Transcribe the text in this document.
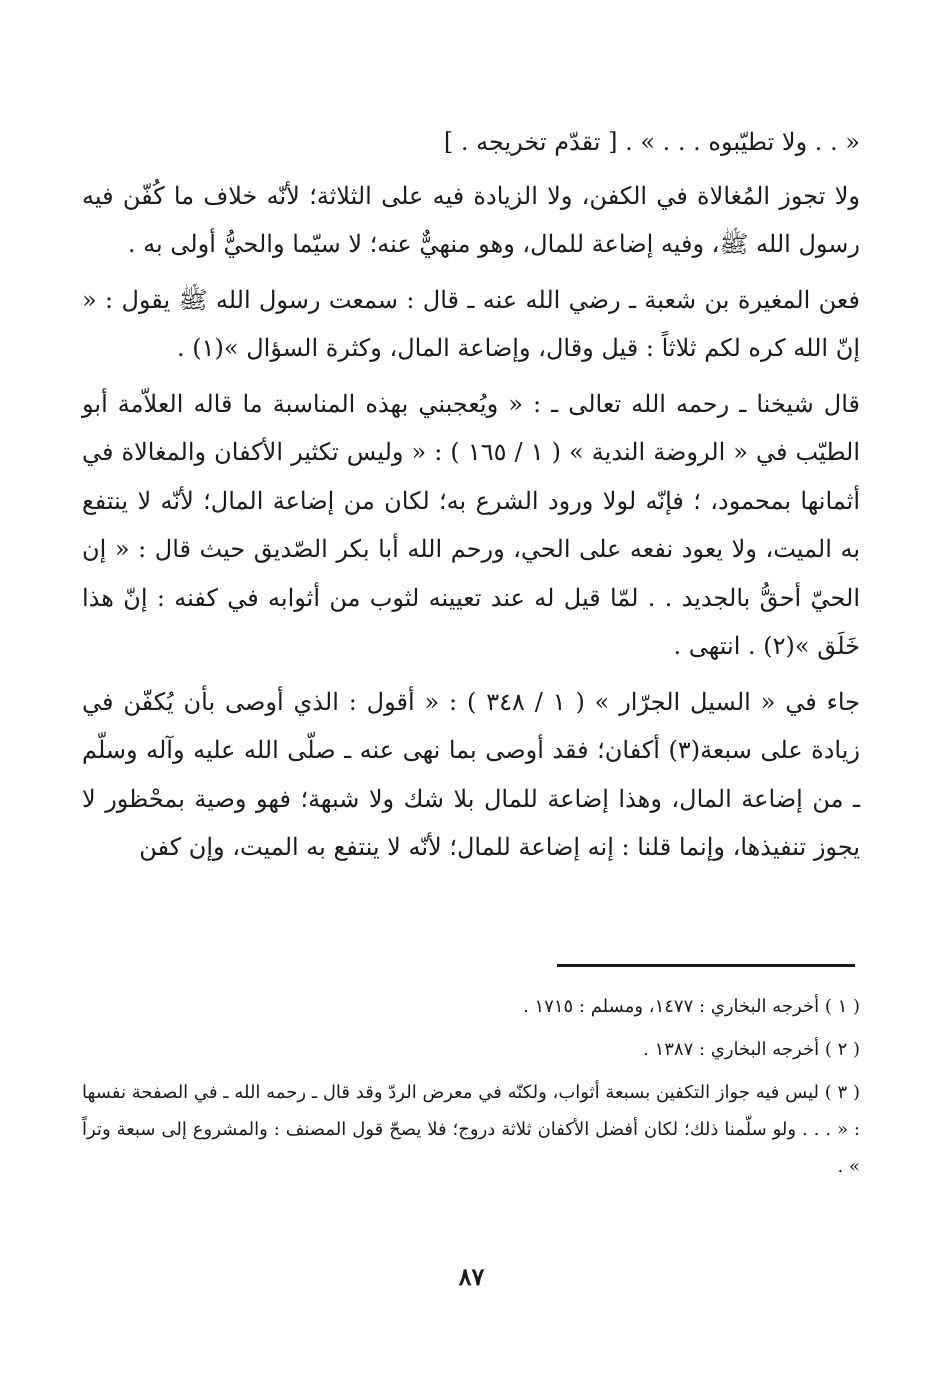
« . . ولا تطيّبوه . . . » . [ تقدّم تخريجه . ]

ولا تجوز المُغالاة في الكفن، ولا الزيادة فيه على الثلاثة؛ لأنّه خلاف ما كُفّن فيه رسول الله ﷺ، وفيه إضاعة للمال، وهو منهيٌّ عنه؛ لا سيّما والحيُّ أولى به .

فعن المغيرة بن شعبة ـ رضي الله عنه ـ قال : سمعت رسول الله ﷺ يقول : « إنّ الله كره لكم ثلاثاً : قيل وقال، وإضاعة المال، وكثرة السؤال »(١) .

قال شيخنا ـ رحمه الله تعالى ـ : « ويُعجبني بهذه المناسبة ما قاله العلاّمة أبو الطيّب في « الروضة الندية » ( ١ / ١٦٥ ) : « وليس تكثير الأكفان والمغالاة في أثمانها بمحمود، ؛ فإنّه لولا ورود الشرع به؛ لكان من إضاعة المال؛ لأنّه لا ينتفع به الميت، ولا يعود نفعه على الحي، ورحم الله أبا بكر الصّديق حيث قال : « إن الحيّ أحقُّ بالجديد . . لمّا قيل له عند تعيينه لثوب من أثوابه في كفنه : إنّ هذا خَلَق »(٢) . انتهى .

جاء في « السيل الجرّار » ( ١ / ٣٤٨ ) : « أقول : الذي أوصى بأن يُكفّن في زيادة على سبعة(٣) أكفان؛ فقد أوصى بما نهى عنه ـ صلّى الله عليه وآله وسلّم ـ من إضاعة المال، وهذا إضاعة للمال بلا شك ولا شبهة؛ فهو وصية بمحْظور لا يجوز تنفيذها، وإنما قلنا : إنه إضاعة للمال؛ لأنّه لا ينتفع به الميت، وإن كفن

( ١ ) أخرجه البخاري : ١٤٧٧، ومسلم : ١٧١٥ .

( ٢ ) أخرجه البخاري : ١٣٨٧ .

( ٣ ) ليس فيه جواز التكفين بسبعة أثواب، ولكنّه في معرض الردّ وقد قال ـ رحمه الله ـ في الصفحة نفسها : « . . . ولو سلّمنا ذلك؛ لكان أفضل الأكفان ثلاثة دروج؛ فلا يصحّ قول المصنف : والمشروع إلى سبعة وتراً » .

٨٧
